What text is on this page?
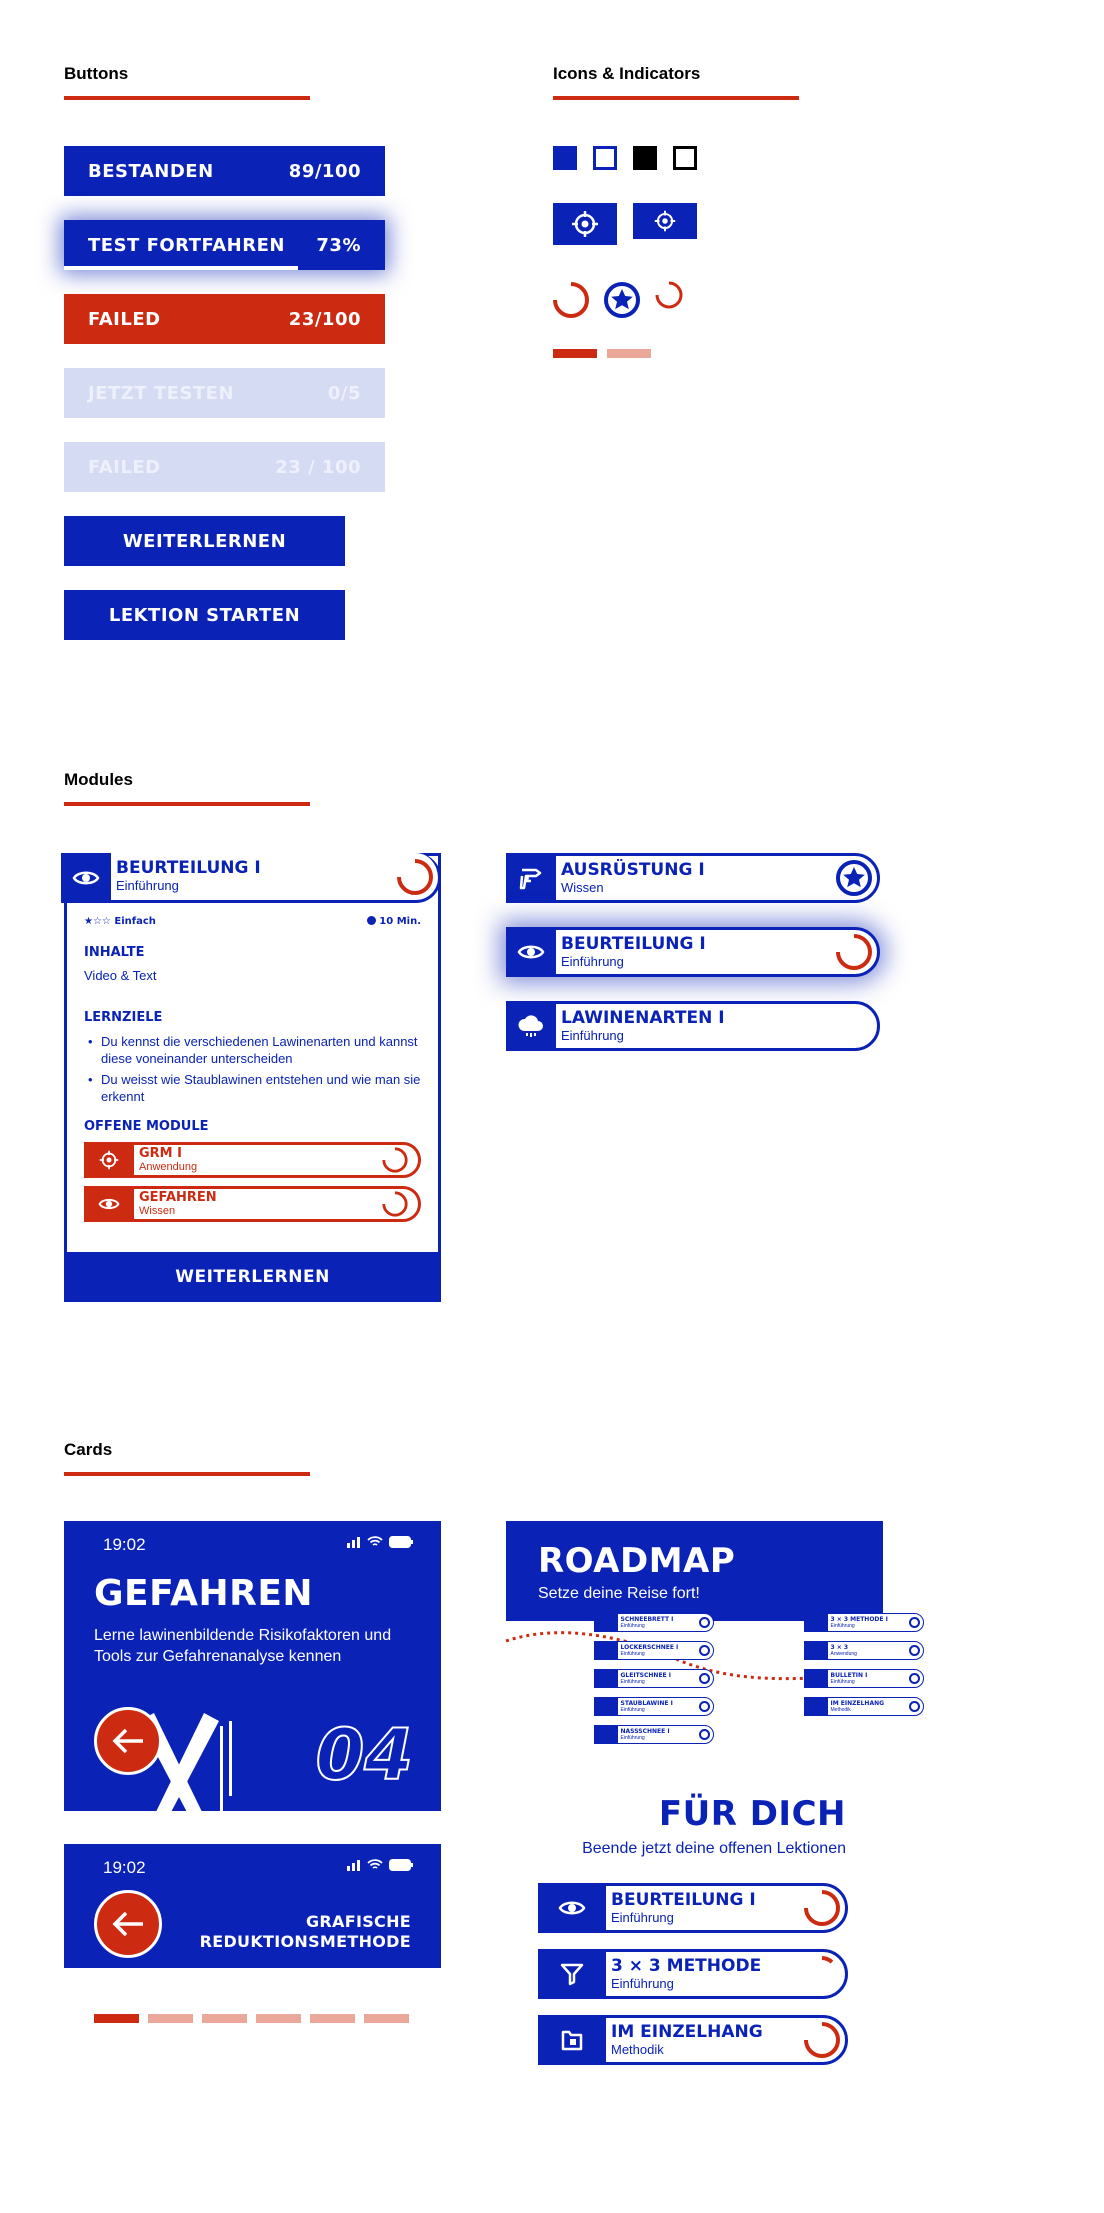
Buttons
BESTANDEN	89/100
TEST FORTFAHREN 73%
FAILED	23/100
JETZT TESTEN	0/5
FAILED	23 / 100
WEITERLERNEN
LEKTION STARTEN
Icons & Indicators
Modules
BEURTEILUNG I
Einführung
★☆☆ Einfach	10 Min.
INHALTE

Video & Text

LERNZIELE
• Du kennst die verschiedenen Lawinenarten und kannst diese voneinander unterscheiden
• Du weisst wie Staublawinen entstehen und wie man sie erkennt
OFFENE MODULE
GRM I
Anwendung
GEFAHREN
Wissen
WEITERLERNEN
AUSRÜSTUNG I
Wissen
BEURTEILUNG I
Einführung
LAWINENARTEN I
Einführung
Cards
19:02
GEFAHREN
Lerne lawinenbildende Risikofaktoren und Tools zur Gefahrenanalyse kennen
04
19:02
GRAFISCHE
REDUKTIONSMETHODE
ROADMAP
Setze deine Reise fort!
SCHNEEBRETT I
Einführung
LOCKERSCHNEE I
Einführung
GLEITSCHNEE I
Einführung
STAUBLAWINE I
Einführung
NASSSCHNEE I
Einführung
3 × 3 METHODE I
Einführung
3 × 3
Anwendung
BULLETIN I
Einführung
IM EINZELHANG
Methodik
FÜR DICH
Beende jetzt deine offenen Lektionen
BEURTEILUNG I
Einführung
3 × 3 METHODE
Einführung
IM EINZELHANG
Methodik
